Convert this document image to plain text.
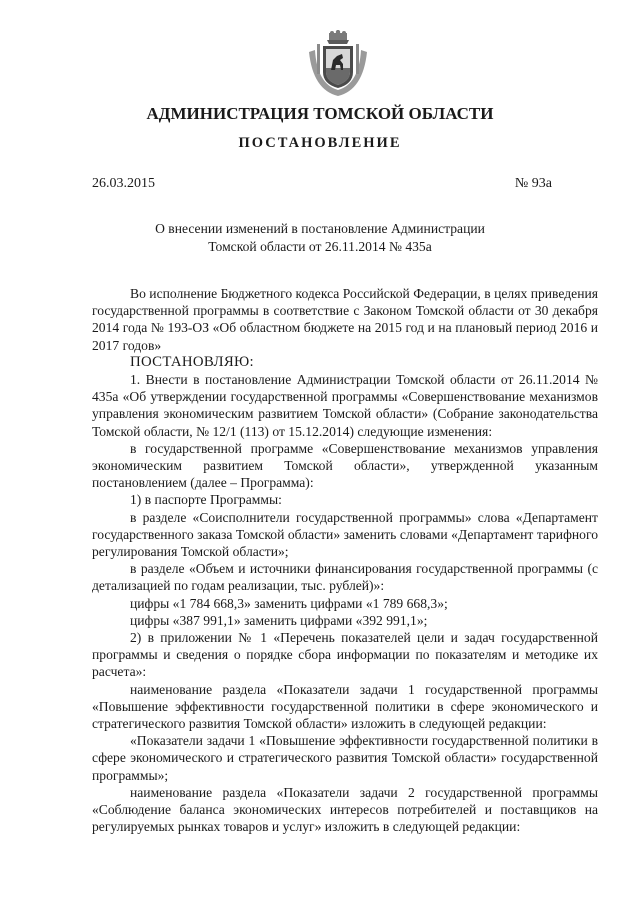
АДМИНИСТРАЦИЯ ТОМСКОЙ ОБЛАСТИ
ПОСТАНОВЛЕНИЕ
26.03.2015	№ 93а
О внесении изменений в постановление Администрации
Томской области от 26.11.2014 № 435а

Во исполнение Бюджетного кодекса Российской Федерации, в целях приведения государственной программы в соответствие с Законом Томской области от 30 декабря 2014 года № 193-ОЗ «Об областном бюджете на 2015 год и на плановый период 2016 и 2017 годов»

ПОСТАНОВЛЯЮ:

1. Внести в постановление Администрации Томской области от 26.11.2014 № 435а «Об утверждении государственной программы «Совершенствование механизмов управления экономическим развитием Томской области» (Собрание законодательства Томской области, № 12/1 (113) от 15.12.2014) следующие изменения:

в государственной программе «Совершенствование механизмов управления экономическим развитием Томской области», утвержденной указанным постановлением (далее – Программа):

1) в паспорте Программы:

в разделе «Соисполнители государственной программы» слова «Департамент государственного заказа Томской области» заменить словами «Департамент тарифного регулирования Томской области»;

в разделе «Объем и источники финансирования государственной программы (с детализацией по годам реализации, тыс. рублей)»:

цифры «1 784 668,3» заменить цифрами «1 789 668,3»;

цифры «387 991,1» заменить цифрами «392 991,1»;

2) в приложении № 1 «Перечень показателей цели и задач государственной программы и сведения о порядке сбора информации по показателям и методике их расчета»:

наименование раздела «Показатели задачи 1 государственной программы «Повышение эффективности государственной политики в сфере экономического и стратегического развития Томской области» изложить в следующей редакции:

«Показатели задачи 1 «Повышение эффективности государственной политики в сфере экономического и стратегического развития Томской области» государственной программы»;

наименование раздела «Показатели задачи 2 государственной программы «Соблюдение баланса экономических интересов потребителей и поставщиков на регулируемых рынках товаров и услуг» изложить в следующей редакции:
